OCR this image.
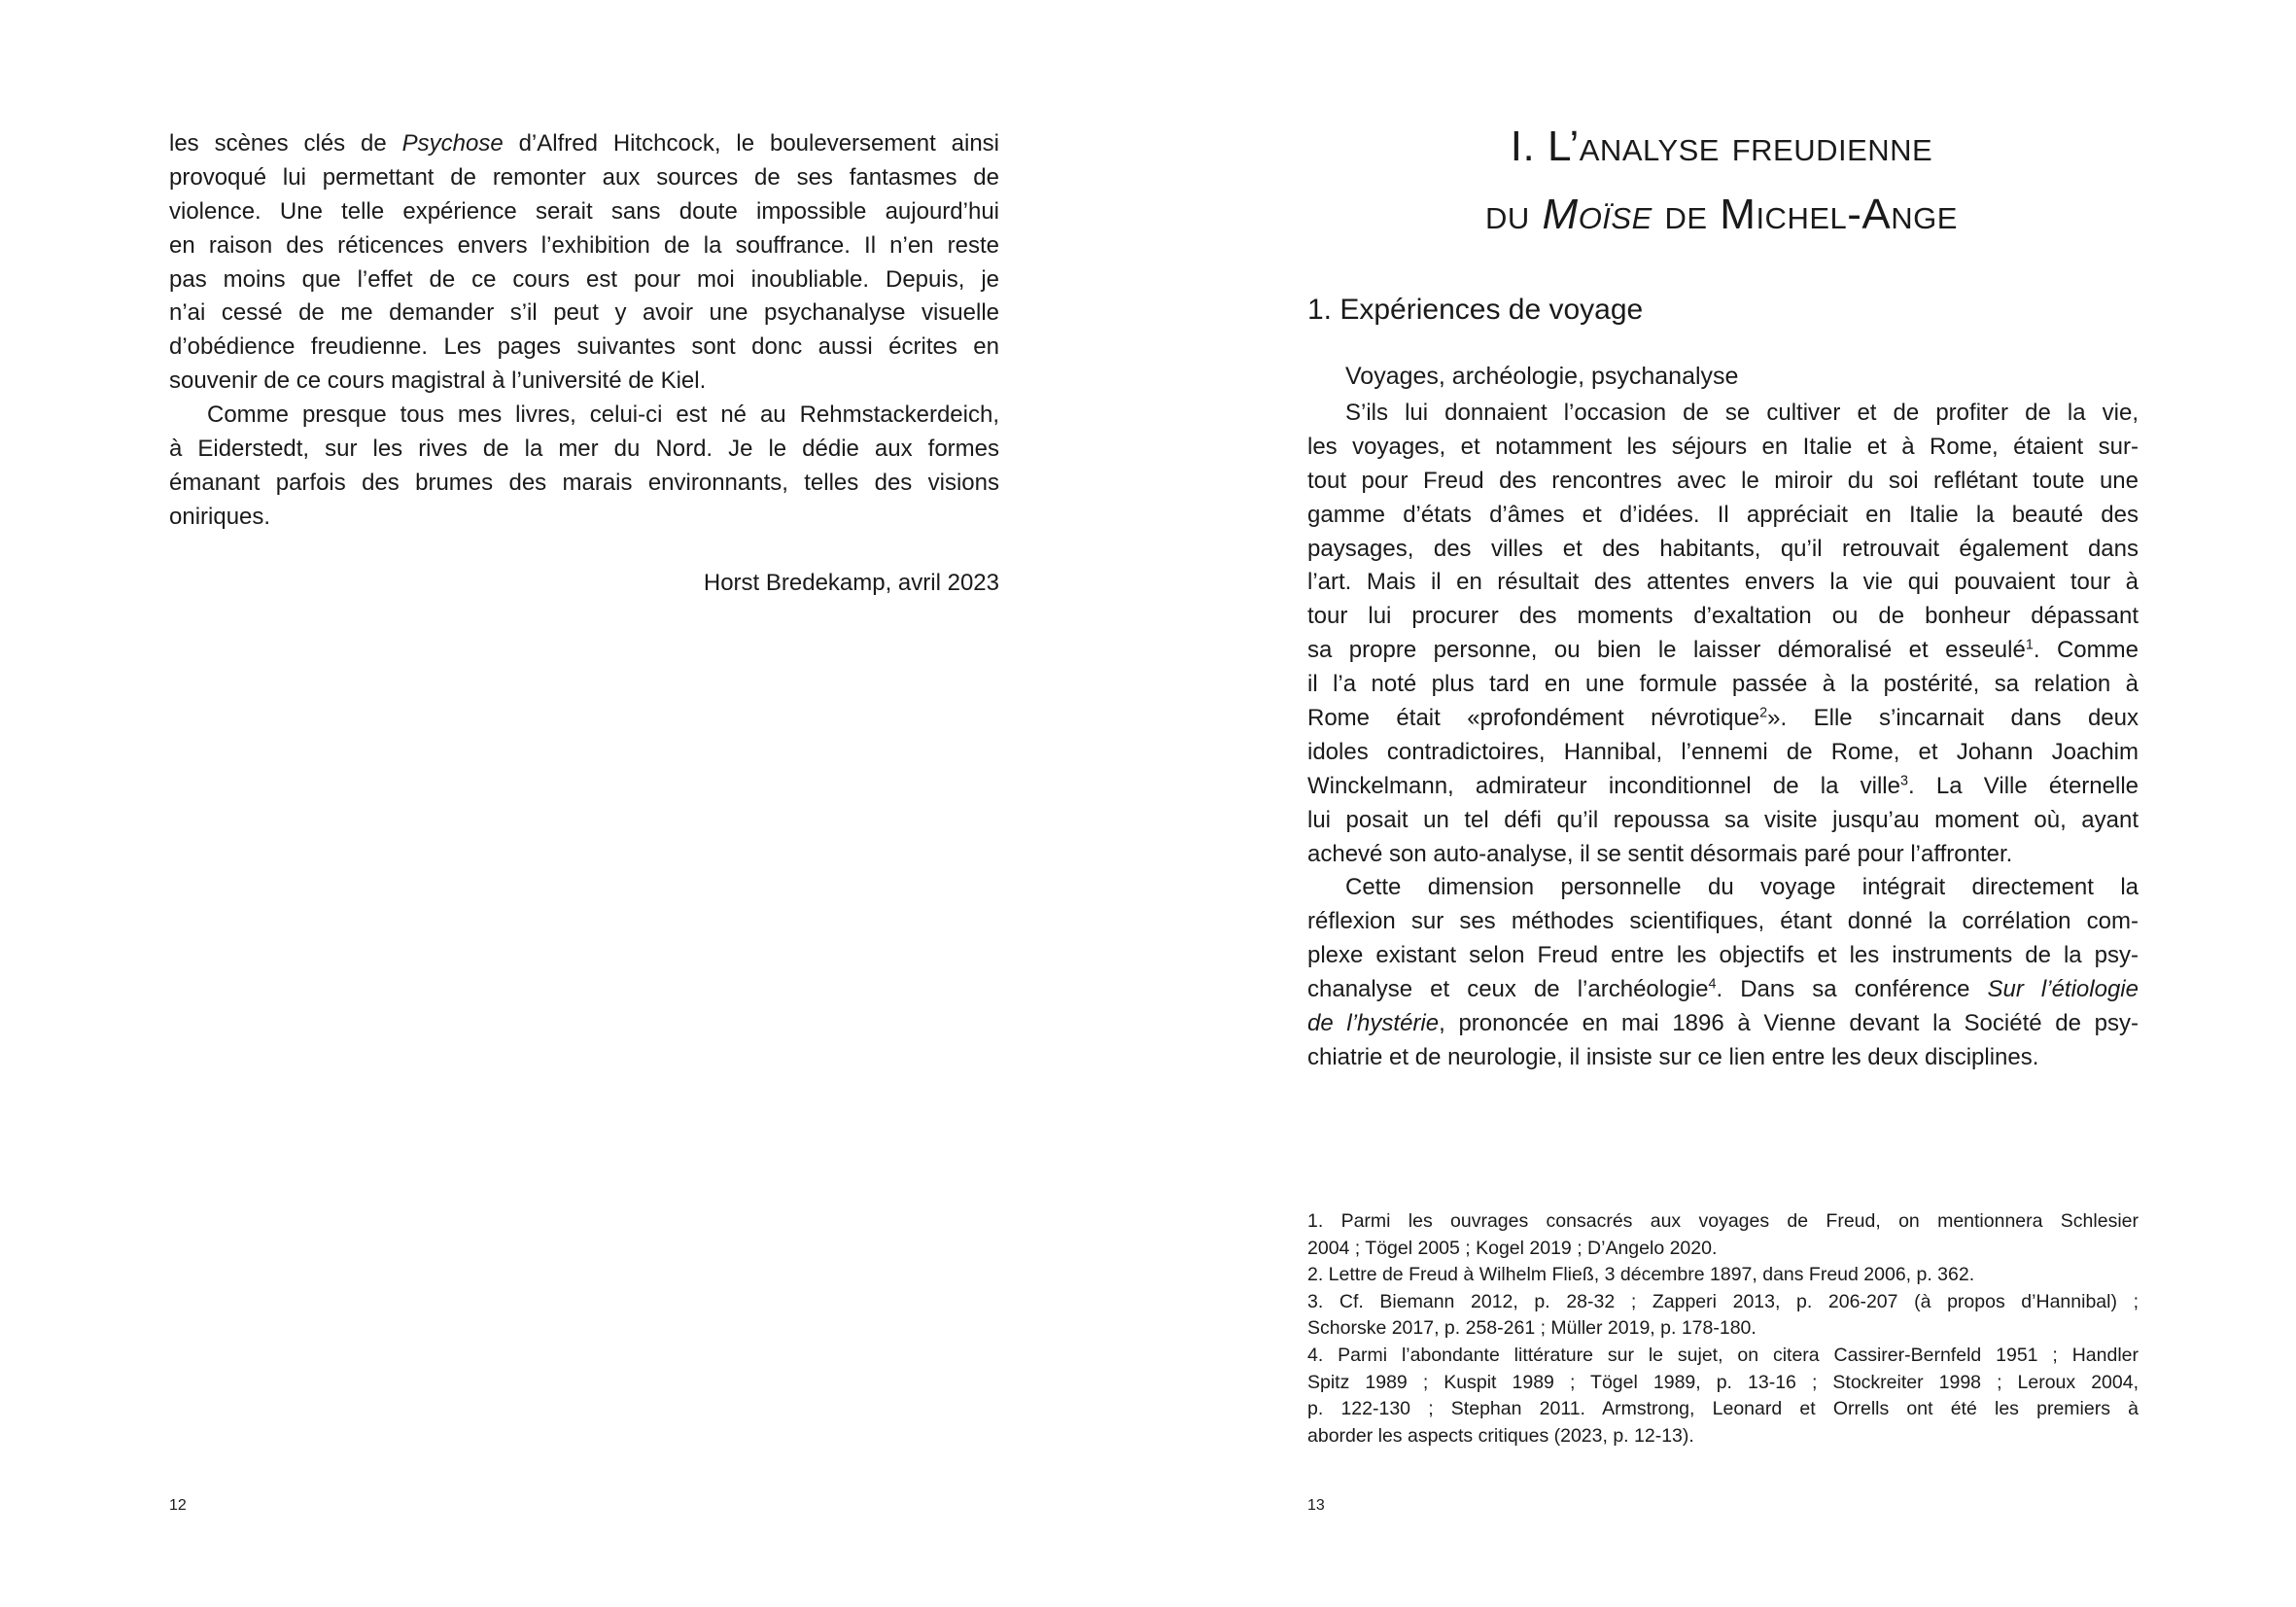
les scènes clés de Psychose d’Alfred Hitchcock, le bouleversement ainsi
provoqué lui permettant de remonter aux sources de ses fantasmes de
violence. Une telle expérience serait sans doute impossible aujourd’hui
en raison des réticences envers l’exhibition de la souffrance. Il n’en reste
pas moins que l’effet de ce cours est pour moi inoubliable. Depuis, je
n’ai cessé de me demander s’il peut y avoir une psychanalyse visuelle
d’obédience freudienne. Les pages suivantes sont donc aussi écrites en
souvenir de ce cours magistral à l’université de Kiel.
Comme presque tous mes livres, celui-ci est né au Rehmstackerdeich,
à Eiderstedt, sur les rives de la mer du Nord. Je le dédie aux formes
émanant parfois des brumes des marais environnants, telles des visions
oniriques.
Horst Bredekamp, avril 2023
12
I. L’analyse freudienne
du Moïse de Michel-Ange
1. Expériences de voyage
Voyages, archéologie, psychanalyse
S’ils lui donnaient l’occasion de se cultiver et de profiter de la vie,
les voyages, et notamment les séjours en Italie et à Rome, étaient sur-
tout pour Freud des rencontres avec le miroir du soi reflétant toute une
gamme d’états d’âmes et d’idées. Il appréciait en Italie la beauté des
paysages, des villes et des habitants, qu’il retrouvait également dans
l’art. Mais il en résultait des attentes envers la vie qui pouvaient tour à
tour lui procurer des moments d’exaltation ou de bonheur dépassant
sa propre personne, ou bien le laisser démoralisé et esseulé$^1$. Comme
il l’a noté plus tard en une formule passée à la postérité, sa relation à
Rome était «profondément névrotique$^2$». Elle s’incarnait dans deux
idoles contradictoires, Hannibal, l’ennemi de Rome, et Johann Joachim
Winckelmann, admirateur inconditionnel de la ville$^3$. La Ville éternelle
lui posait un tel défi qu’il repoussa sa visite jusqu’au moment où, ayant
achevé son auto-analyse, il se sentit désormais paré pour l’affronter.
Cette dimension personnelle du voyage intégrait directement la
réflexion sur ses méthodes scientifiques, étant donné la corrélation com-
plexe existant selon Freud entre les objectifs et les instruments de la psy-
chanalyse et ceux de l’archéologie$^4$. Dans sa conférence Sur l’étiologie
de l’hystérie, prononcée en mai 1896 à Vienne devant la Société de psy-
chiatrie et de neurologie, il insiste sur ce lien entre les deux disciplines.
1. Parmi les ouvrages consacrés aux voyages de Freud, on mentionnera Schlesier
2004 ; Tögel 2005 ; Kogel 2019 ; D’Angelo 2020.
2. Lettre de Freud à Wilhelm Fließ, 3 décembre 1897, dans Freud 2006, p. 362.
3. Cf. Biemann 2012, p. 28-32 ; Zapperi 2013, p. 206-207 (à propos d’Hannibal) ;
Schorske 2017, p. 258-261 ; Müller 2019, p. 178-180.
4. Parmi l’abondante littérature sur le sujet, on citera Cassirer-Bernfeld 1951 ; Handler
Spitz 1989 ; Kuspit 1989 ; Tögel 1989, p. 13-16 ; Stockreiter 1998 ; Leroux 2004,
p. 122-130 ; Stephan 2011. Armstrong, Leonard et Orrells ont été les premiers à
aborder les aspects critiques (2023, p. 12-13).
13
